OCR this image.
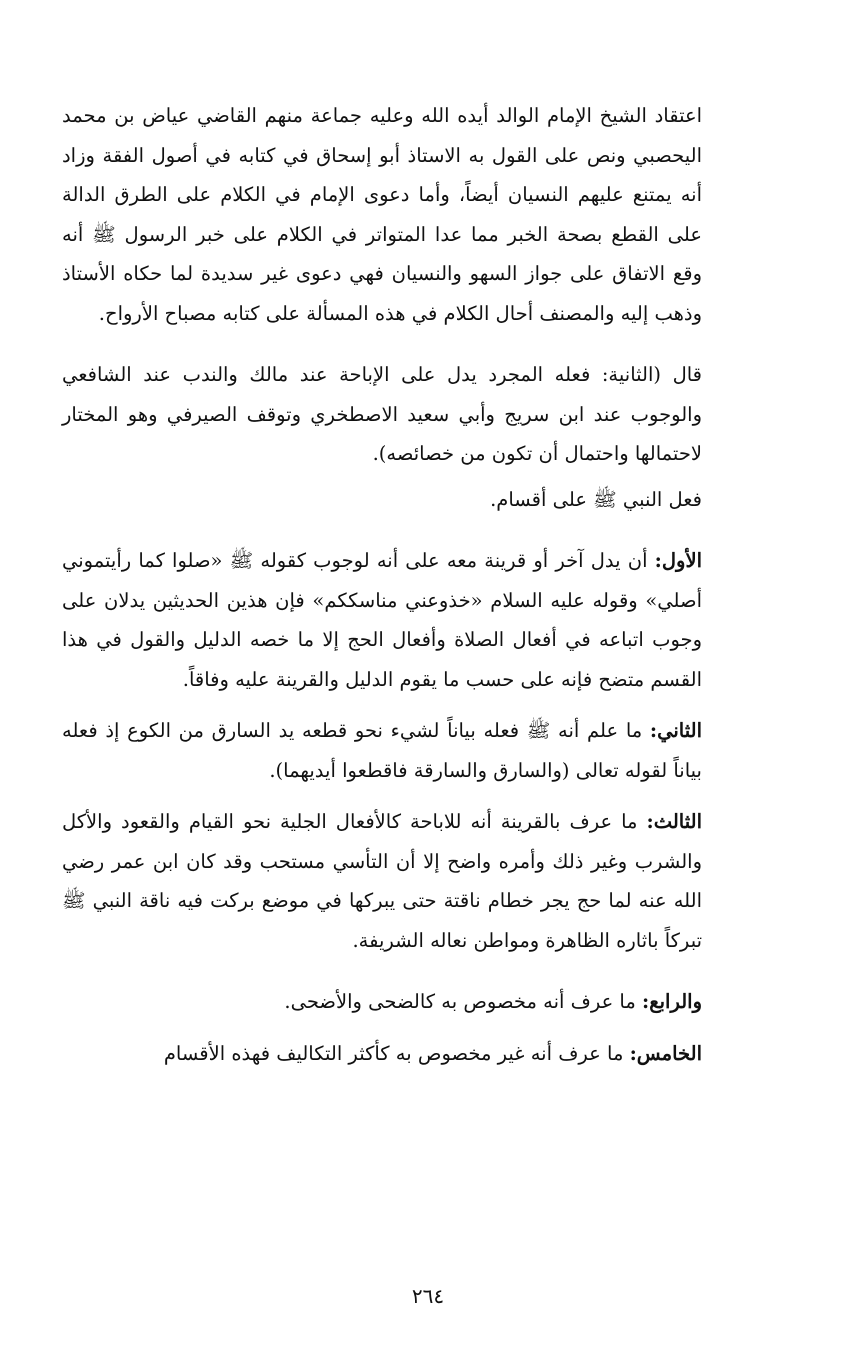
اعتقاد الشيخ الإمام الوالد أيده الله وعليه جماعة منهم القاضي عياض بن محمد اليحصبي ونص على القول به الاستاذ أبو إسحاق في كتابه في أصول الفقة وزاد أنه يمتنع عليهم النسيان أيضاً، وأما دعوى الإمام في الكلام على الطرق الدالة على القطع بصحة الخبر مما عدا المتواتر في الكلام على خبر الرسول ﷺ أنه وقع الاتفاق على جواز السهو والنسيان فهي دعوى غير سديدة لما حكاه الأستاذ وذهب إليه والمصنف أحال الكلام في هذه المسألة على كتابه مصباح الأرواح.

قال (الثانية: فعله المجرد يدل على الإباحة عند مالك والندب عند الشافعي والوجوب عند ابن سريج وأبي سعيد الاصطخري وتوقف الصيرفي وهو المختار لاحتمالها واحتمال أن تكون من خصائصه).

فعل النبي ﷺ على أقسام.

الأول: أن يدل آخر أو قرينة معه على أنه لوجوب كقوله ﷺ «صلوا كما رأيتموني أصلي» وقوله عليه السلام «خذوعني مناسككم» فإن هذين الحديثين يدلان على وجوب اتباعه في أفعال الصلاة وأفعال الحج إلا ما خصه الدليل والقول في هذا القسم متضح فإنه على حسب ما يقوم الدليل والقرينة عليه وفاقاً.

الثاني: ما علم أنه ﷺ فعله بياناً لشيء نحو قطعه يد السارق من الكوع إذ فعله بياناً لقوله تعالى (والسارق والسارقة فاقطعوا أيديهما).

الثالث: ما عرف بالقرينة أنه للاباحة كالأفعال الجلية نحو القيام والقعود والأكل والشرب وغير ذلك وأمره واضح إلا أن التأسي مستحب وقد كان ابن عمر رضي الله عنه لما حج يجر خطام ناقتة حتى يبركها في موضع بركت فيه ناقة النبي ﷺ تبركاً باثاره الظاهرة ومواطن نعاله الشريفة.

والرابع: ما عرف أنه مخصوص به كالضحى والأضحى.

الخامس: ما عرف أنه غير مخصوص به كأكثر التكاليف فهذه الأقسام

٢٦٤
